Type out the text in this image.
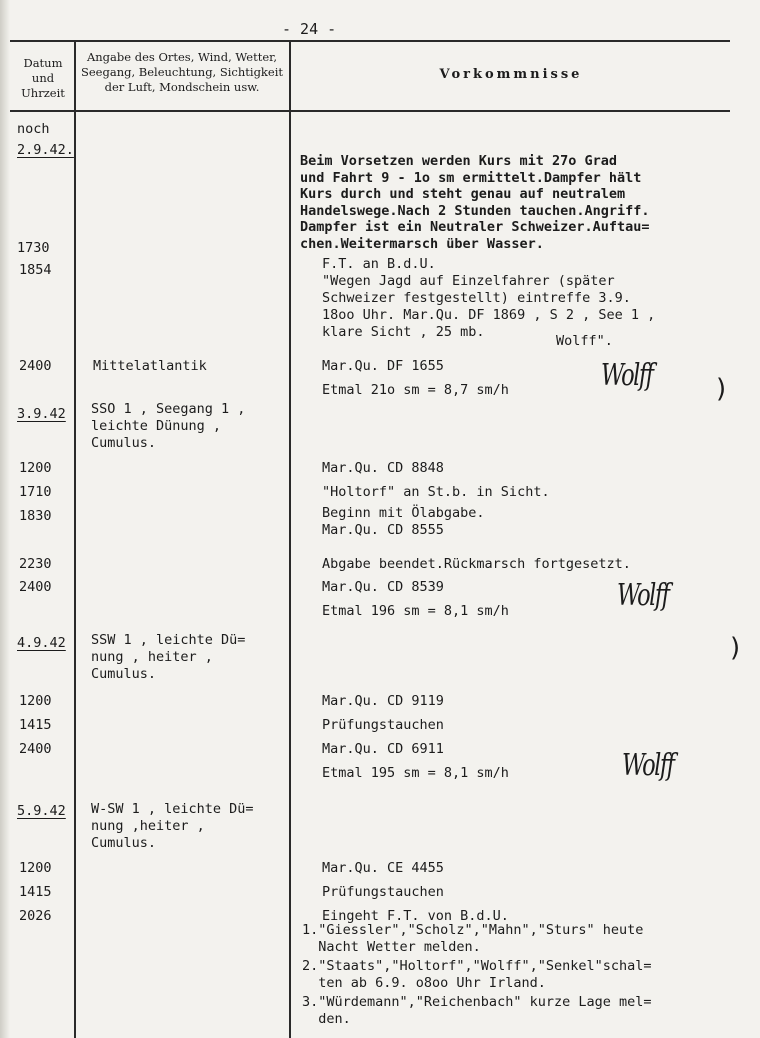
- 24 -
Datum
und
Uhrzeit
Angabe des Ortes, Wind, Wetter,
Seegang, Beleuchtung, Sichtigkeit
der Luft, Mondschein usw.
Vorkommnisse
noch
2.9.42.
1730
1854
2400
3.9.42
1200
1710
1830
2230
2400
4.9.42
1200
1415
2400
5.9.42
1200
1415
2026
Mittelatlantik
SSO 1 , Seegang 1 ,
leichte Dünung ,
Cumulus.
SSW 1 , leichte Dü=
nung , heiter ,
Cumulus.
W-SW 1 , leichte Dü=
nung ,heiter ,
Cumulus.
Beim Vorsetzen werden Kurs mit 27o Grad
und Fahrt 9 - 1o sm ermittelt.Dampfer hält
Kurs durch und steht genau auf neutralem
Handelswege.Nach 2 Stunden tauchen.Angriff.
Dampfer ist ein Neutraler Schweizer.Auftau=
chen.Weitermarsch über Wasser.
F.T. an B.d.U.
"Wegen Jagd auf Einzelfahrer (später
Schweizer festgestellt) eintreffe 3.9.
18oo Uhr. Mar.Qu. DF 1869 , S 2 , See 1 ,
klare Sicht , 25 mb.
Wolff".
Mar.Qu. DF 1655
Etmal 21o sm = 8,7 sm/h
Mar.Qu. CD 8848
"Holtorf" an St.b. in Sicht.
Beginn mit Ölabgabe.
Mar.Qu. CD 8555
Abgabe beendet.Rückmarsch fortgesetzt.
Mar.Qu. CD 8539
Etmal 196 sm = 8,1 sm/h
Mar.Qu. CD 9119
Prüfungstauchen
Mar.Qu. CD 6911
Etmal 195 sm = 8,1 sm/h
Mar.Qu. CE 4455
Prüfungstauchen
Eingeht F.T. von B.d.U.
1."Giessler","Scholz","Mahn","Sturs" heute
Nacht Wetter melden.
2."Staats","Holtorf","Wolff","Senkel"schal=
ten ab 6.9. o8oo Uhr Irland.
3."Würdemann","Reichenbach" kurze Lage mel=
den.
Wolff
Wolff
Wolff
)
)
